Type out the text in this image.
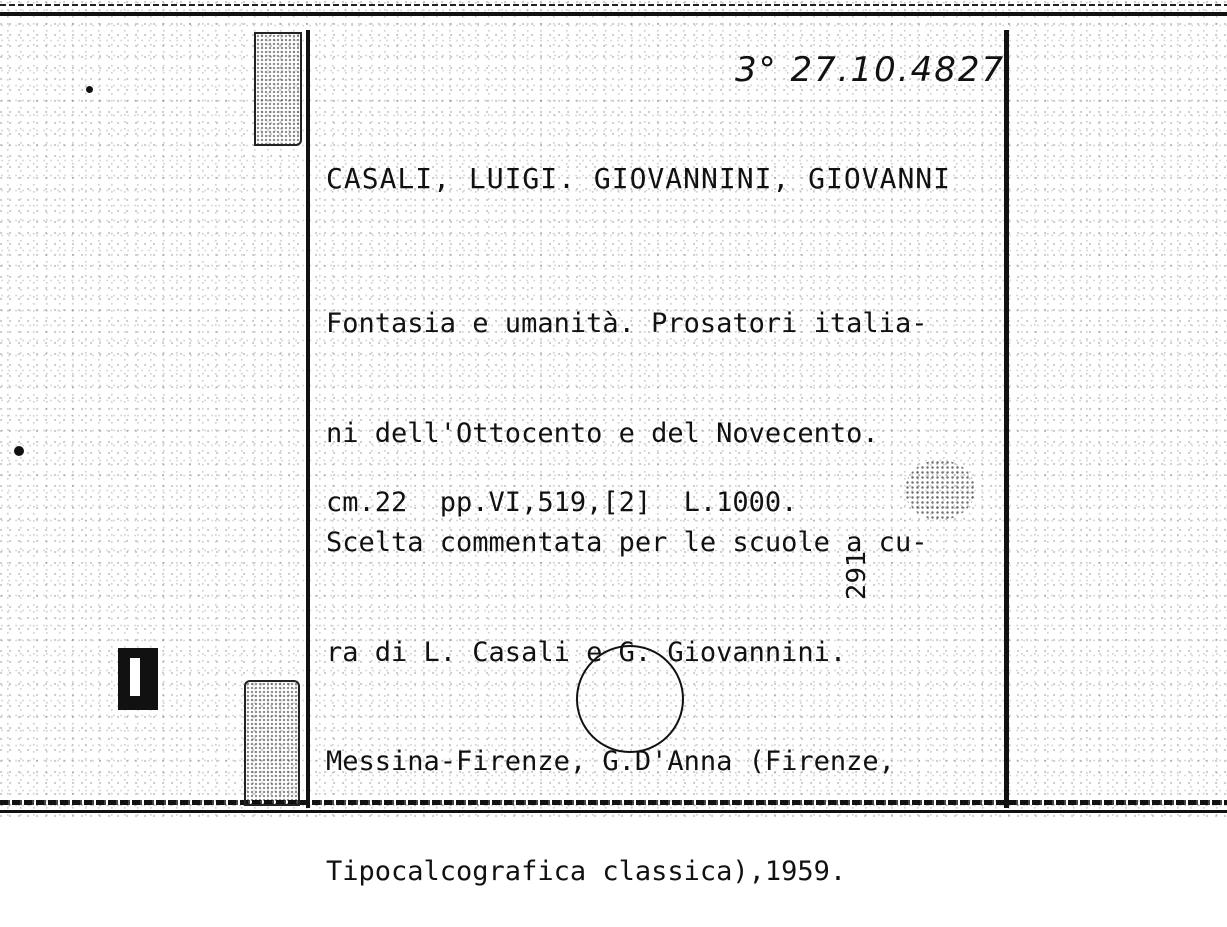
3° 27.10.4827
CASALI, LUIGI. GIOVANNINI, GIOVANNI

Fontasia e umanità. Prosatori italia-

ni dell'Ottocento e del Novecento.

Scelta commentata per le scuole a cu-

ra di L. Casali e G. Giovannini.

Messina-Firenze, G.D'Anna (Firenze,

Tipocalcografica classica),1959.

cm.22  pp.VI,519,[2]  L.1000.
291
